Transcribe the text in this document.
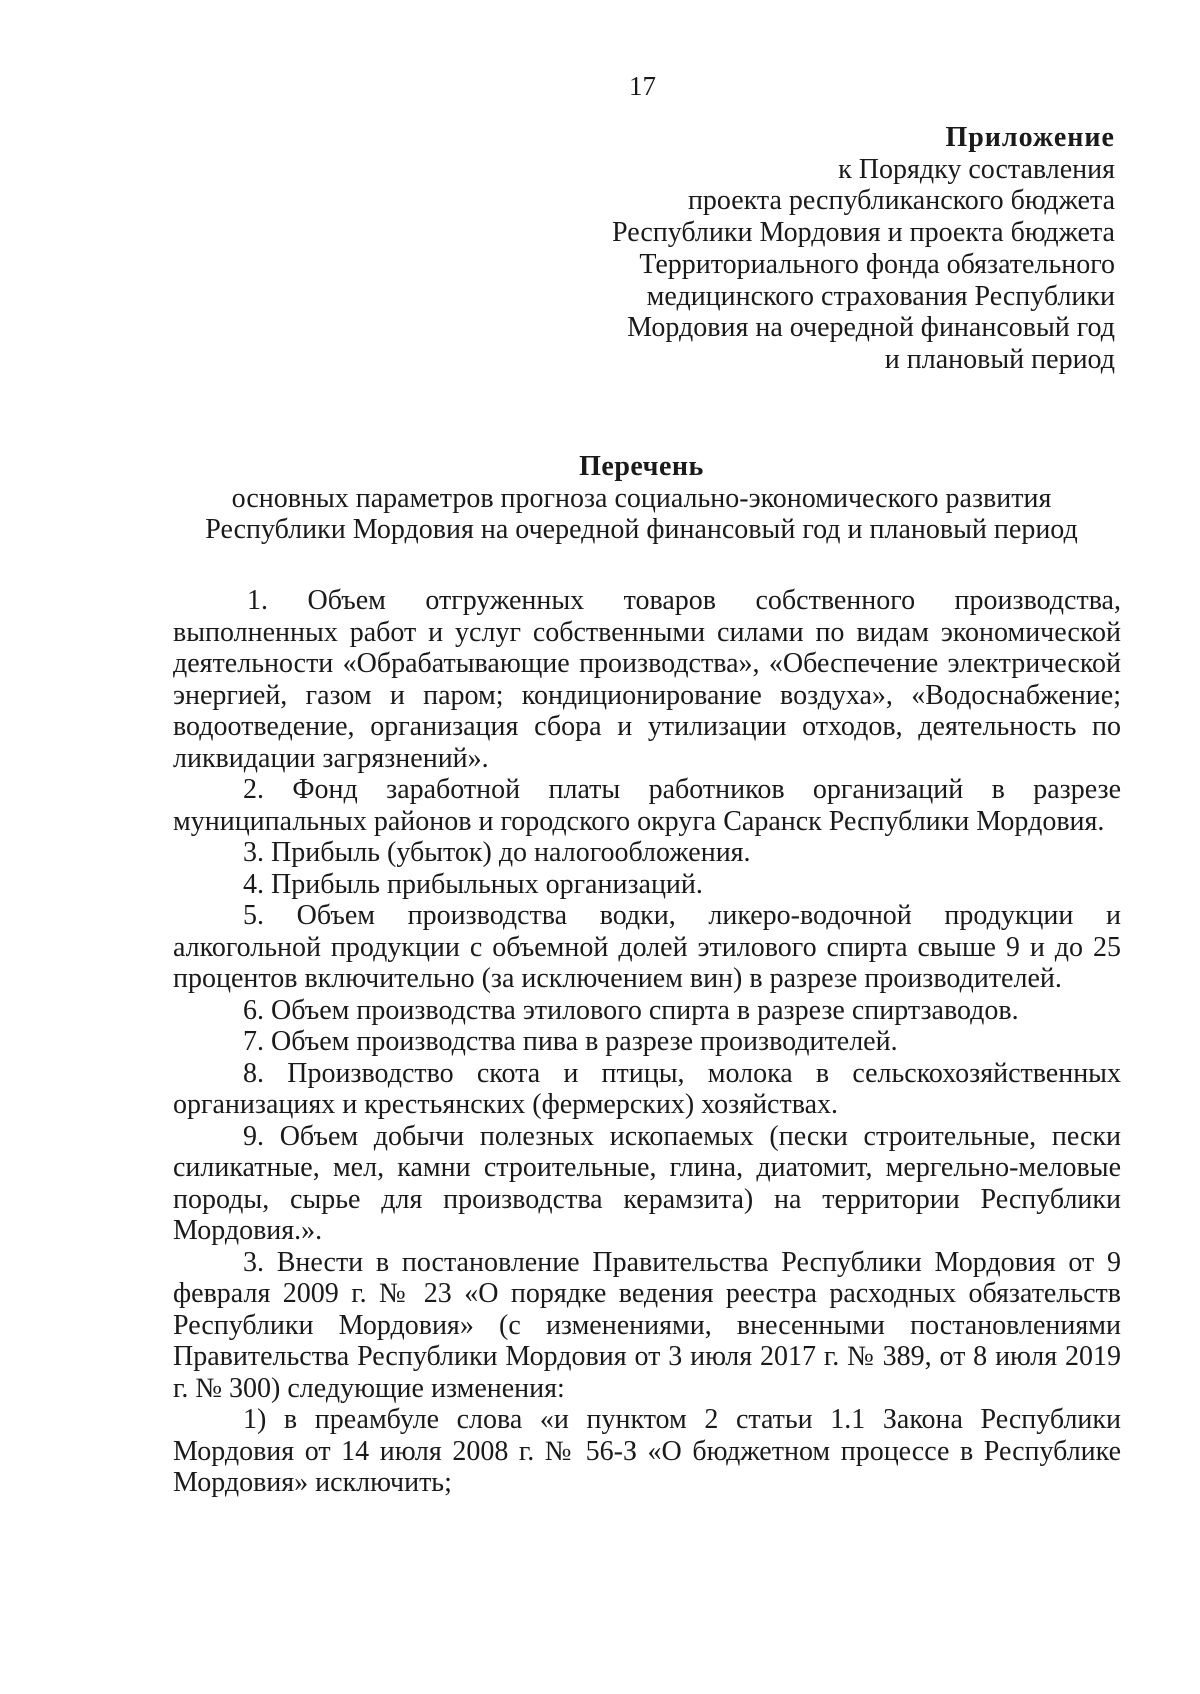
17
Приложение
к Порядку составления
проекта республиканского бюджета
Республики Мордовия и проекта бюджета
Территориального фонда обязательного
медицинского страхования Республики
Мордовия на очередной финансовый год
и плановый период
Перечень
основных параметров прогноза социально-экономического развития
Республики Мордовия на очередной финансовый год и плановый период

1. Объем отгруженных товаров собственного производства, выполненных работ и услуг собственными силами по видам экономической деятельности «Обрабатывающие производства», «Обеспечение электрической энергией, газом и паром; кондиционирование воздуха», «Водоснабжение; водоотведение, организация сбора и утилизации отходов, деятельность по ликвидации загрязнений».

2. Фонд заработной платы работников организаций в разрезе муниципальных районов и городского округа Саранск Республики Мордовия.

3. Прибыль (убыток) до налогообложения.

4. Прибыль прибыльных организаций.

5. Объем производства водки, ликеро-водочной продукции и алкогольной продукции с объемной долей этилового спирта свыше 9 и до 25 процентов включительно (за исключением вин) в разрезе производителей.

6. Объем производства этилового спирта в разрезе спиртзаводов.

7. Объем производства пива в разрезе производителей.

8. Производство скота и птицы, молока в сельскохозяйственных организациях и крестьянских (фермерских) хозяйствах.

9. Объем добычи полезных ископаемых (пески строительные, пески силикатные, мел, камни строительные, глина, диатомит, мергельно-меловые породы, сырье для производства керамзита) на территории Республики Мордовия.».

3. Внести в постановление Правительства Республики Мордовия от 9 февраля 2009 г. № 23 «О порядке ведения реестра расходных обязательств Республики Мордовия» (с изменениями, внесенными постановлениями Правительства Республики Мордовия от 3 июля 2017 г. № 389, от 8 июля 2019 г. № 300) следующие изменения:

1) в преамбуле слова «и пунктом 2 статьи 1.1 Закона Республики Мордовия от 14 июля 2008 г. № 56-З «О бюджетном процессе в Республике Мордовия» исключить;
